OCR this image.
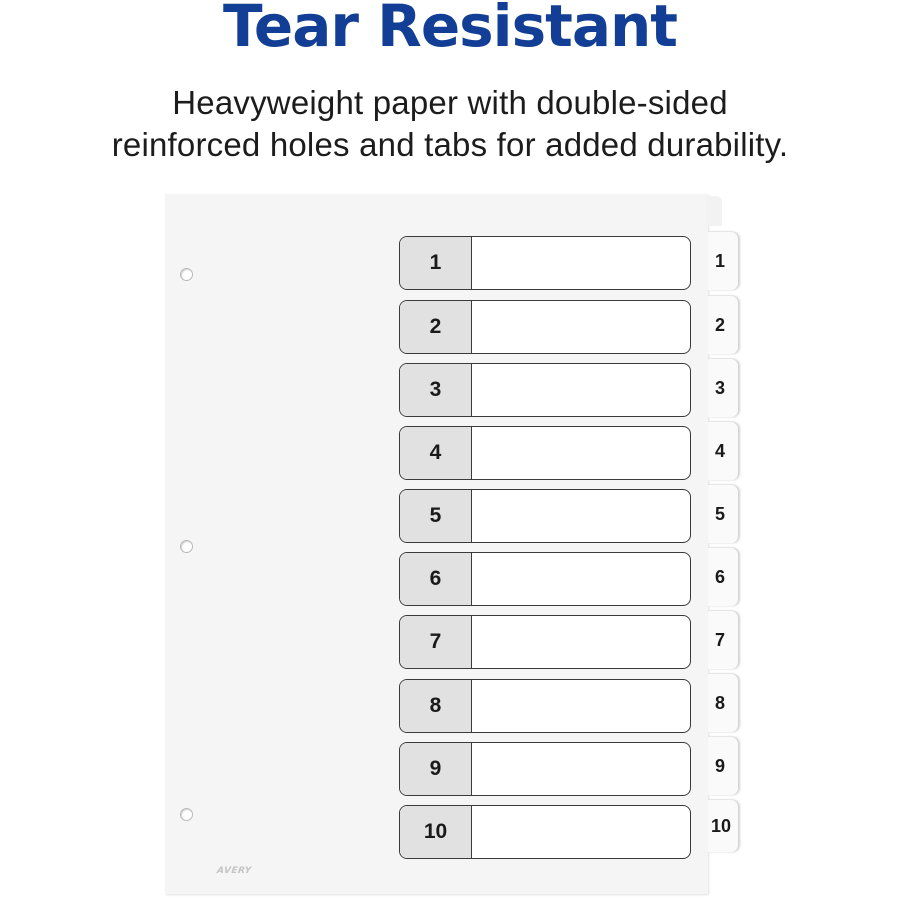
Tear Resistant

Heavyweight paper with double-sided

reinforced holes and tabs for added durability.

AVERY
1
2
3
4
5
6
7
8
9
10
1
2
3
4
5
6
7
8
9
10
